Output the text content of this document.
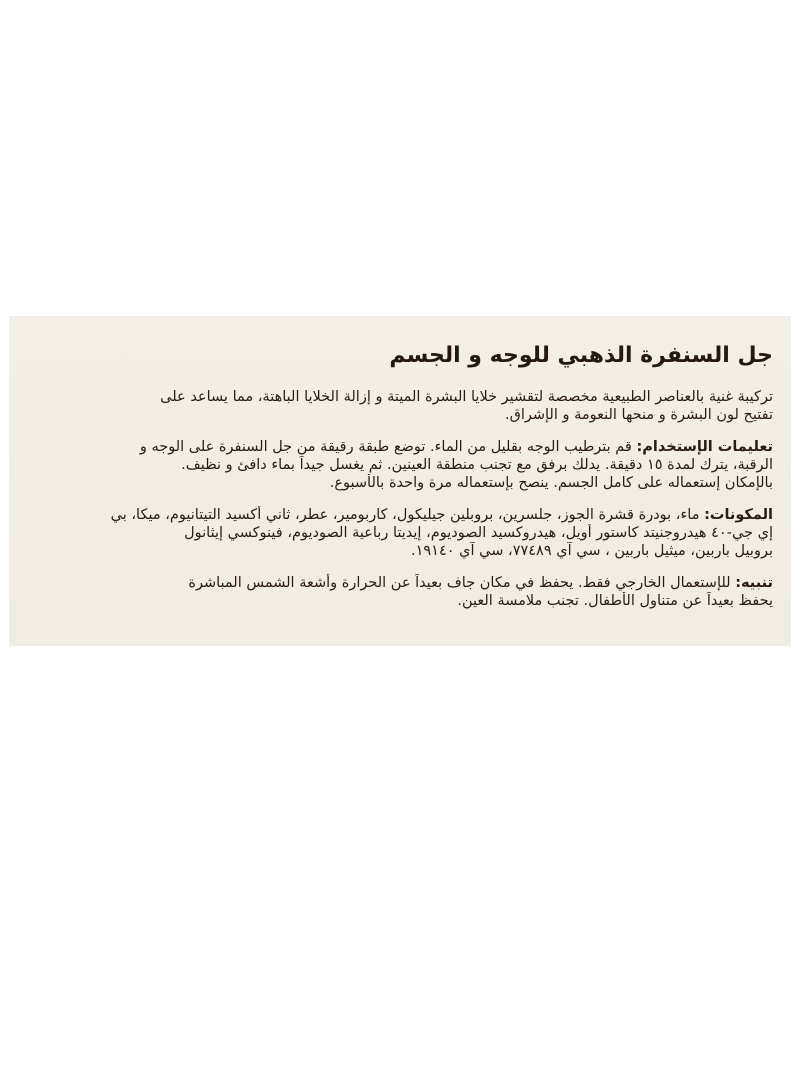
جل السنفرة الذهبي للوجه و الجسم
تركيبة غنية بالعناصر الطبيعية مخصصة لتقشير خلايا البشرة الميتة و إزالة الخلايا الباهتة، مما يساعد على
تفتيح لون البشرة و منحها النعومة و الإشراق.
تعليمات الإستخدام: قم بترطيب الوجه بقليل من الماء. توضع طبقة رقيقة من جل السنفرة على الوجه و
الرقبة، يترك لمدة ١٥ دقيقة. يدلك برفق مع تجنب منطقة العينين. ثم يغسل جيداً بماء دافئ و نظيف.
بالإمكان إستعماله على كامل الجسم. ينصح بإستعماله مرة واحدة بالأسبوع.
المكونات: ماء، بودرة قشرة الجوز، جلسرين، بروبلين جيليكول، كاربومير، عطر، ثاني أكسيد التيتانيوم، ميكا، بي
إي جي-٤٠ هيدروجنيتد كاستور أويل، هيدروكسيد الصوديوم، إيديتا رباعية الصوديوم، فينوكسي إيثانول
بروبيل باربين، ميثيل باربين ، سي آي ٧٧٤٨٩، سي آي ١٩١٤٠.
تنبيه: للإستعمال الخارجي فقط. يحفظ في مكان جاف بعيداً عن الحرارة وأشعة الشمس المباشرة
يحفظ بعيداً عن متناول الأطفال. تجنب ملامسة العين.
